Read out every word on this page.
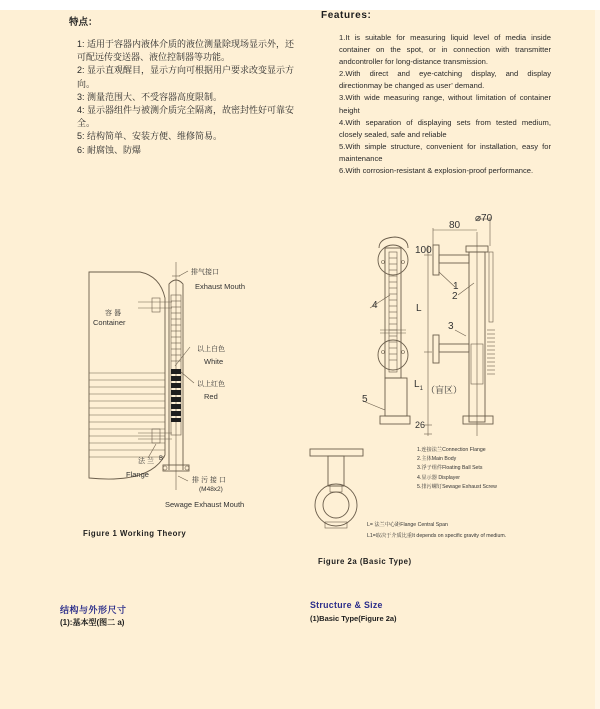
特点：
1: 适用于容器内液体介质的液位测量除现场显示外，还可配远传变送器、液位控制器等功能。
2: 显示直观醒目，显示方向可根据用户要求改变显示方向。
3: 测量范围大、不受容器高度限制。
4: 显示器组件与被测介质完全隔离，故密封性好可靠安全。
5: 结构简单、安装方便、维修简易。
6: 耐腐蚀、防爆
Features:
1.It is suitable for measuring liquid level of media inside container on the spot, or in connection with transmitter andcontroller for long-distance transmission.
2.With direct and eye-catching display, and display directionmay be changed as user’ demand.
3.With wide measuring range, without limitation of container height
4.With separation of displaying sets from tested medium, closely sealed, safe and reliable
5.With simple structure, convenient for installation, easy for maintenance
6.With corrosion-resistant & explosion-proof performance.
排气接口
Exhaust Mouth
容 器
Container
以上白色
White
以上红色
Red
法 兰 B
Flange
排 污 接 口
(M48x2)
Sewage Exhaust Mouth
Figure 1 Working Theory
80
⌀70
100
L
$L_1$ （盲区）
26
1
2
3
4
5
1.连接法兰Connection Flange
2.主体Main Body
3.浮子组件Floating Ball Sets
4.显示器 Displayer
5.排污螺钉Sewage Exhaust Screw
L= 法兰中心距Flange Central Span
L1=取决于介质比重It depends on specific gravity of medium.
Figure 2a (Basic Type)
结构与外形尺寸
(1):基本型(图二 a)
Structure & Size
(1)Basic Type(Figure 2a)
